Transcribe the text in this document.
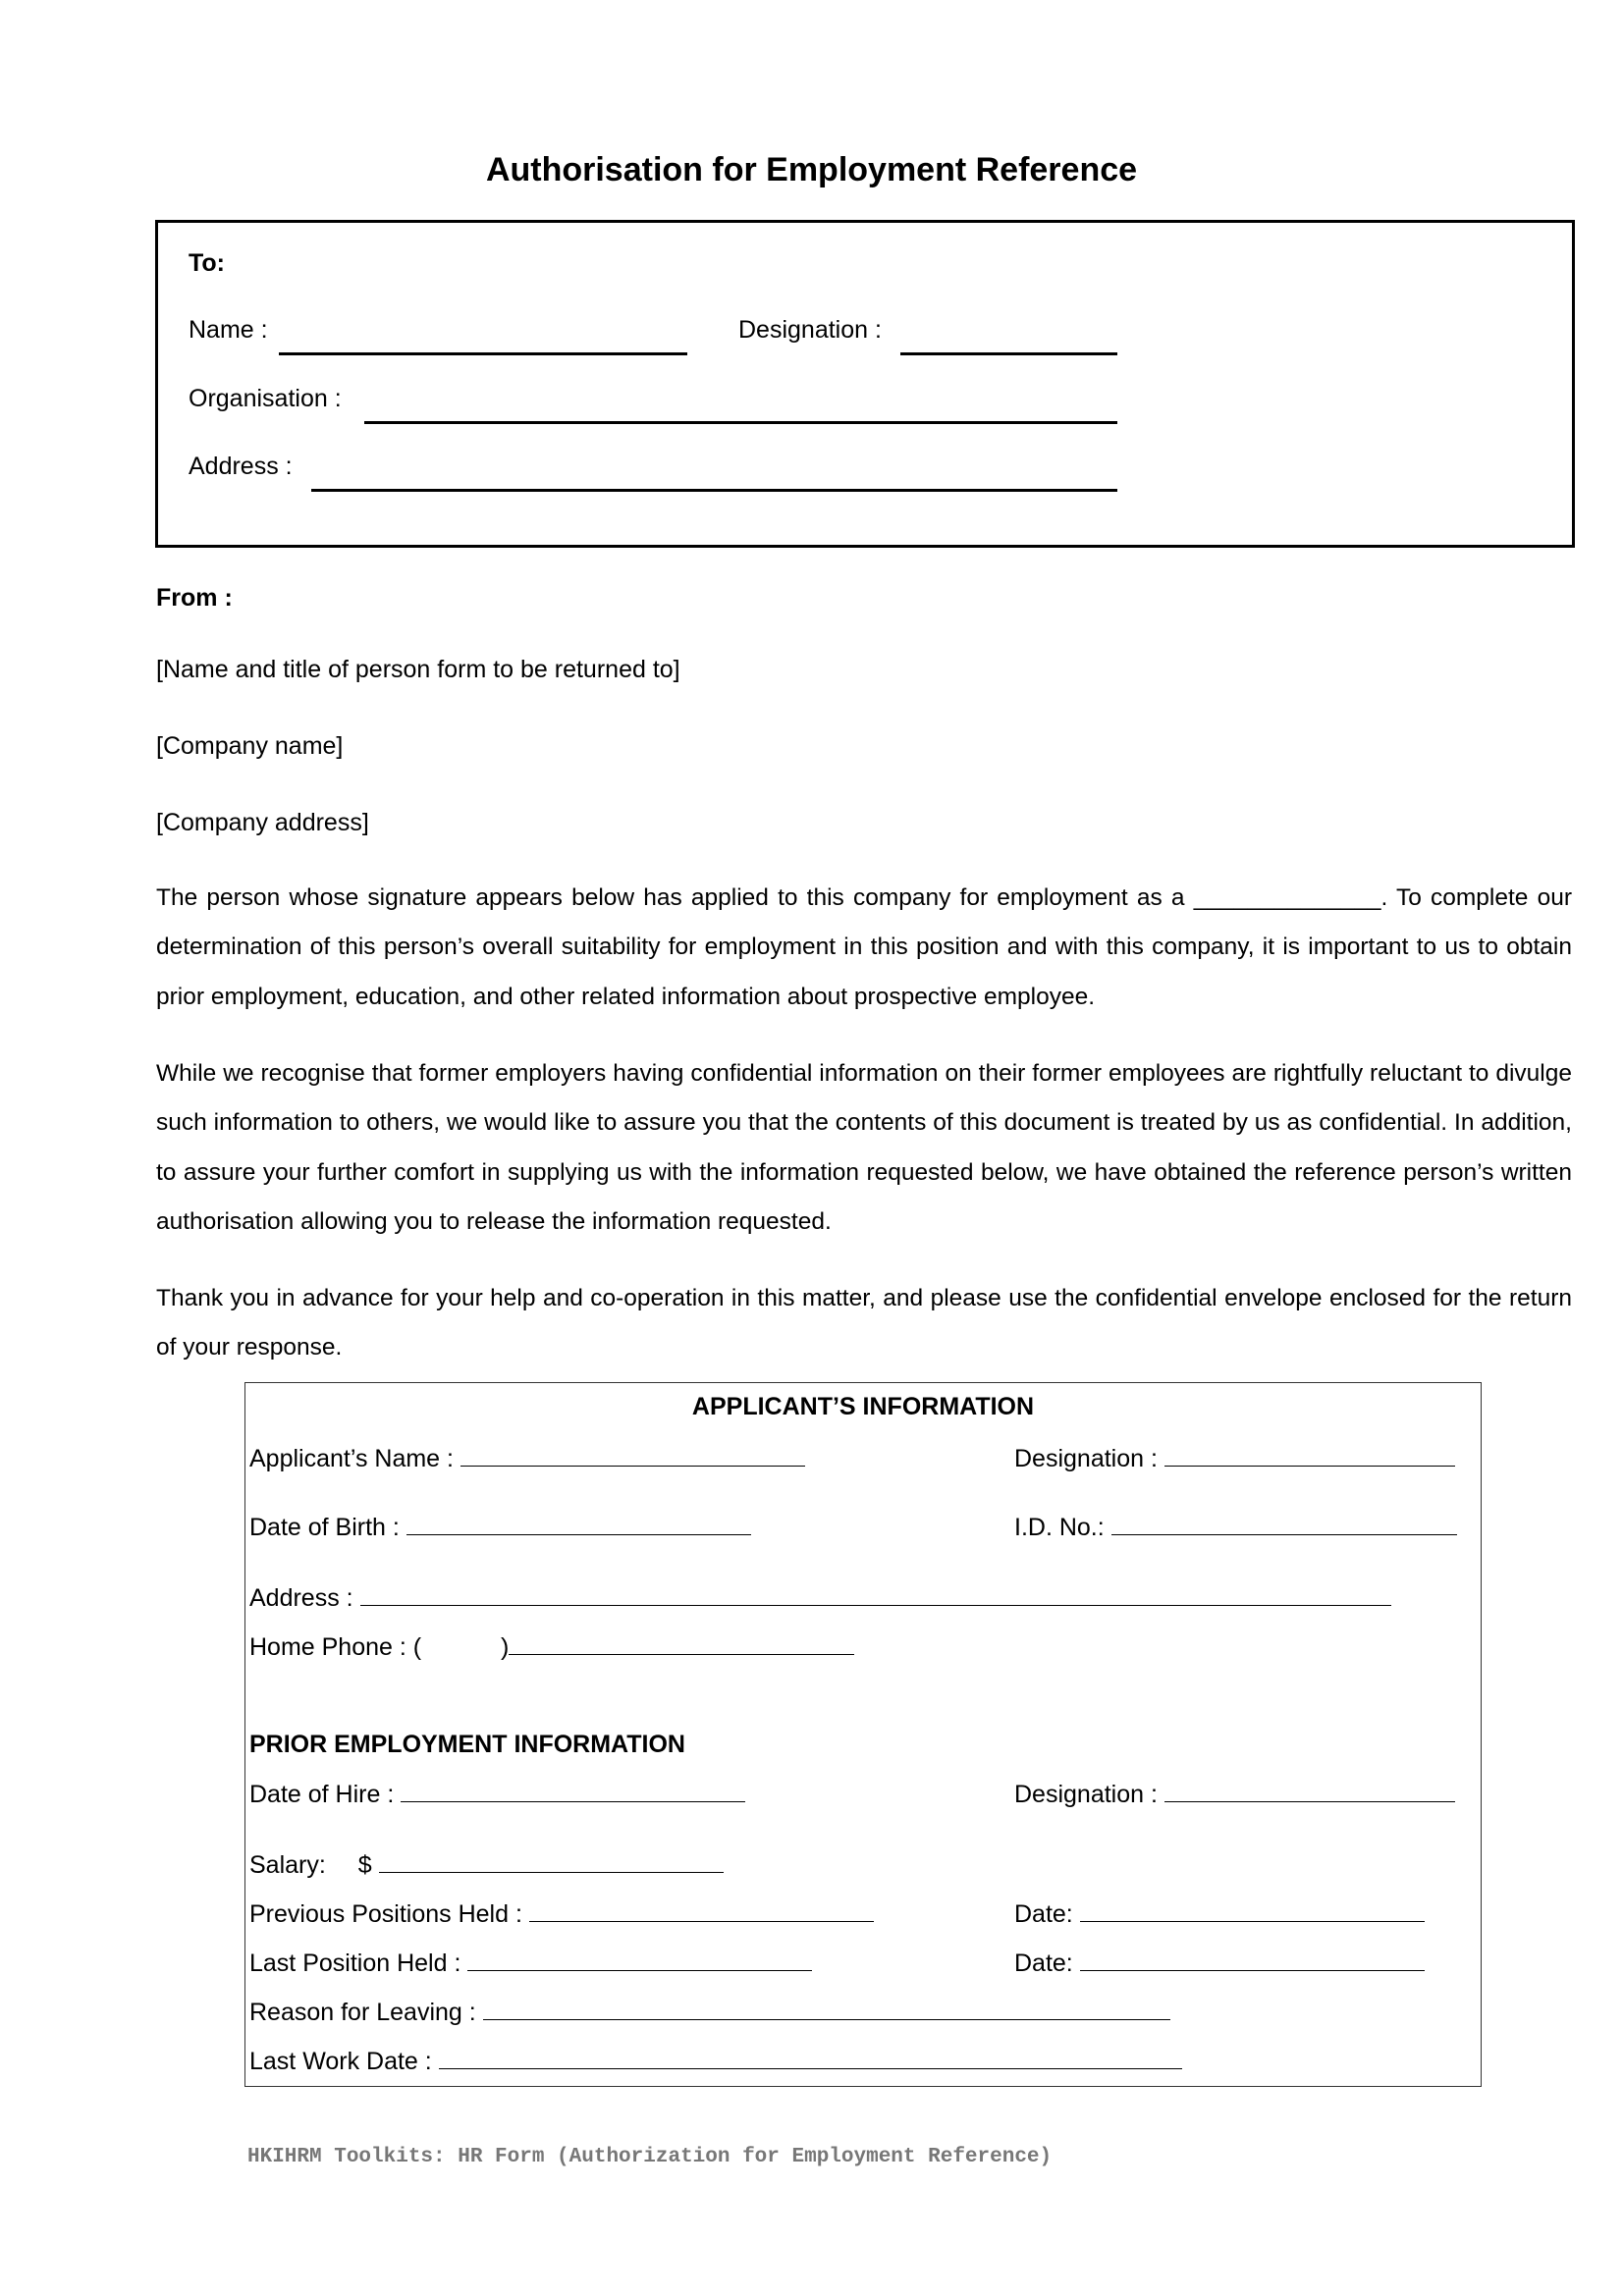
Authorisation for Employment Reference
To:
Name :	Designation :
Organisation :
Address :
From :
[Name and title of person form to be returned to]
[Company name]
[Company address]
The person whose signature appears below has applied to this company for employment as a ______________. To complete our determination of this person’s overall suitability for employment in this position and with this company, it is important to us to obtain prior employment, education, and other related information about prospective employee.
While we recognise that former employers having confidential information on their former employees are rightfully reluctant to divulge such information to others, we would like to assure you that the contents of this document is treated by us as confidential. In addition, to assure your further comfort in supplying us with the information requested below, we have obtained the reference person’s written authorisation allowing you to release the information requested.
Thank you in advance for your help and co-operation in this matter, and please use the confidential envelope enclosed for the return of your response.
APPLICANT’S INFORMATION
Applicant’s Name :	Designation :
Date of Birth :	I.D. No.:
Address :
Home Phone : (	)
PRIOR EMPLOYMENT INFORMATION
Date of Hire :	Designation :
Salary: $
Previous Positions Held :	Date:
Last Position Held :	Date:
Reason for Leaving :
Last Work Date :
HKIHRM Toolkits: HR Form (Authorization for Employment Reference)
